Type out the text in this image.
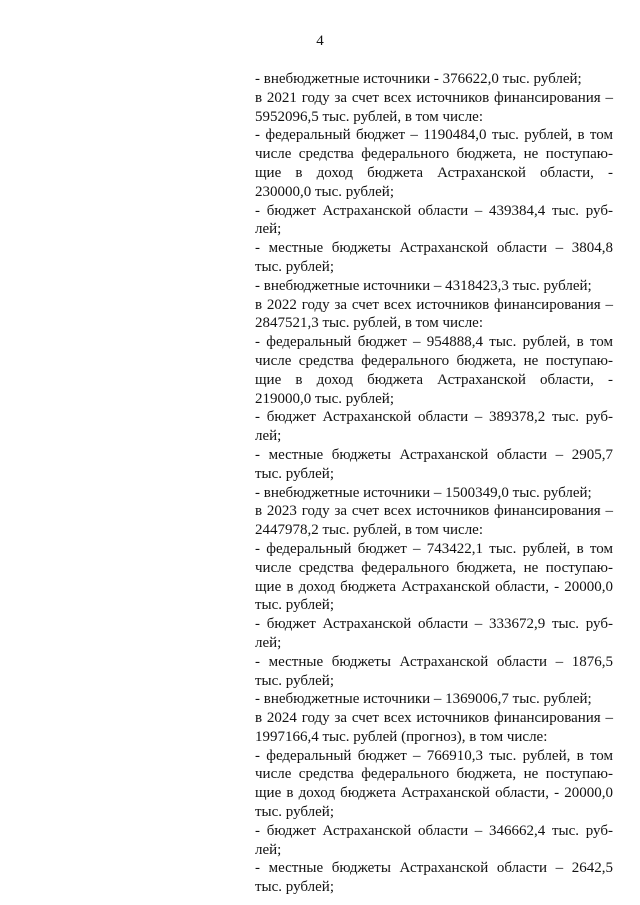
4
- внебюджетные источники - 376622,0 тыс. рублей;
в 2021 году за счет всех источников финансирования –
5952096,5 тыс. рублей, в том числе:
- федеральный бюджет – 1190484,0 тыс. рублей, в том
числе средства федерального бюджета, не поступаю-
щие в доход бюджета Астраханской области, -
230000,0 тыс. рублей;
- бюджет Астраханской области – 439384,4 тыс. руб-
лей;
- местные бюджеты Астраханской области – 3804,8
тыс. рублей;
- внебюджетные источники – 4318423,3 тыс. рублей;
в 2022 году за счет всех источников финансирования –
2847521,3 тыс. рублей, в том числе:
- федеральный бюджет – 954888,4 тыс. рублей, в том
числе средства федерального бюджета, не поступаю-
щие в доход бюджета Астраханской области, -
219000,0 тыс. рублей;
- бюджет Астраханской области – 389378,2 тыс. руб-
лей;
- местные бюджеты Астраханской области – 2905,7
тыс. рублей;
- внебюджетные источники – 1500349,0 тыс. рублей;
в 2023 году за счет всех источников финансирования –
2447978,2 тыс. рублей, в том числе:
- федеральный бюджет – 743422,1 тыс. рублей, в том
числе средства федерального бюджета, не поступаю-
щие в доход бюджета Астраханской области, - 20000,0
тыс. рублей;
- бюджет Астраханской области – 333672,9 тыс. руб-
лей;
- местные бюджеты Астраханской области – 1876,5
тыс. рублей;
- внебюджетные источники – 1369006,7 тыс. рублей;
в 2024 году за счет всех источников финансирования –
1997166,4 тыс. рублей (прогноз), в том числе:
- федеральный бюджет – 766910,3 тыс. рублей, в том
числе средства федерального бюджета, не поступаю-
щие в доход бюджета Астраханской области, - 20000,0
тыс. рублей;
- бюджет Астраханской области – 346662,4 тыс. руб-
лей;
- местные бюджеты Астраханской области – 2642,5
тыс. рублей;
